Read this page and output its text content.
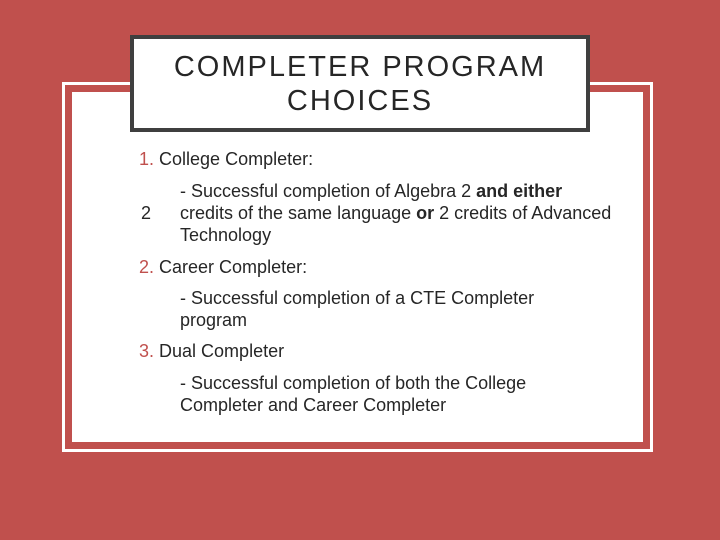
COMPLETER PROGRAM
CHOICES
1. College Completer:
2
- Successful completion of Algebra 2 and either credits of the same language or 2 credits of Advanced Technology
2. Career Completer:
- Successful completion of a CTE Completer program
3. Dual Completer
- Successful completion of both the College Completer and Career Completer
